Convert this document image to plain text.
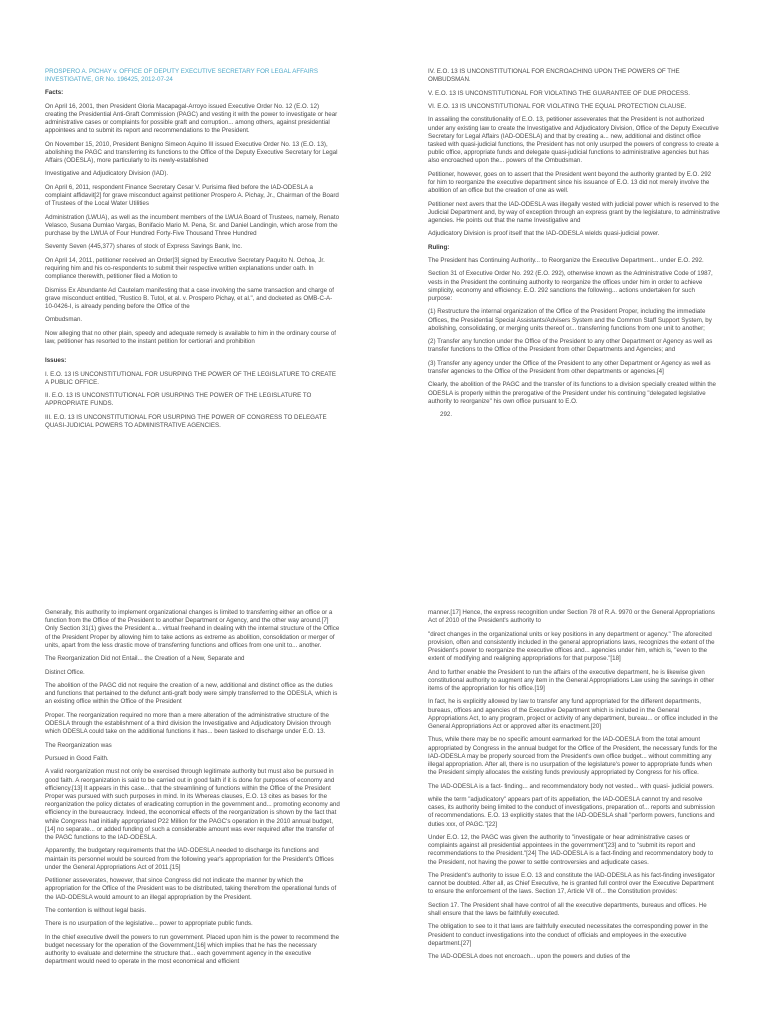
PROSPERO A. PICHAY v. OFFICE OF DEPUTY EXECUTIVE SECRETARY FOR LEGAL AFFAIRS INVESTIGATIVE, GR No. 196425, 2012-07-24

Facts:

On April 16, 2001, then President Gloria Macapagal-Arroyo issued Executive Order No. 12 (E.O. 12) creating the Presidential Anti-Graft Commission (PAGC) and vesting it with the power to investigate or hear administrative cases or complaints for possible graft and corruption... among others, against presidential appointees and to submit its report and recommendations to the President.

On November 15, 2010, President Benigno Simeon Aquino III issued Executive Order No. 13 (E.O. 13), abolishing the PAGC and transferring its functions to the Office of the Deputy Executive Secretary for Legal Affairs (ODESLA), more particularly to its newly-established

Investigative and Adjudicatory Division (IAD).

On April 6, 2011, respondent Finance Secretary Cesar V. Purisima filed before the IAD-ODESLA a complaint affidavit[2] for grave misconduct against petitioner Prospero A. Pichay, Jr., Chairman of the Board of Trustees of the Local Water Utilities

Administration (LWUA), as well as the incumbent members of the LWUA Board of Trustees, namely, Renato Velasco, Susana Dumlao Vargas, Bonifacio Mario M. Pena, Sr. and Daniel Landingin, which arose from the purchase by the LWUA of Four Hundred Forty-Five Thousand Three Hundred

Seventy Seven (445,377) shares of stock of Express Savings Bank, Inc.

On April 14, 2011, petitioner received an Order[3] signed by Executive Secretary Paquito N. Ochoa, Jr. requiring him and his co-respondents to submit their respective written explanations under oath. In compliance therewith, petitioner filed a Motion to

Dismiss Ex Abundante Ad Cautelam manifesting that a case involving the same transaction and charge of grave misconduct entitled, "Rustico B. Tutol, et al. v. Prospero Pichay, et al.", and docketed as OMB-C-A-10-0426-I, is already pending before the Office of the

Ombudsman.

Now alleging that no other plain, speedy and adequate remedy is available to him in the ordinary course of law, petitioner has resorted to the instant petition for certiorari and prohibition

Issues:

I. E.O. 13 IS UNCONSTITUTIONAL FOR USURPING THE POWER OF THE LEGISLATURE TO CREATE A PUBLIC OFFICE.

II. E.O. 13 IS UNCONSTITUTIONAL FOR USURPING THE POWER OF THE LEGISLATURE TO APPROPRIATE FUNDS.

III. E.O. 13 IS UNCONSTITUTIONAL FOR USURPING THE POWER OF CONGRESS TO DELEGATE QUASI-JUDICIAL POWERS TO ADMINISTRATIVE AGENCIES.

IV. E.O. 13 IS UNCONSTITUTIONAL FOR ENCROACHING UPON THE POWERS OF THE OMBUDSMAN.

V. E.O. 13 IS UNCONSTITUTIONAL FOR VIOLATING THE GUARANTEE OF DUE PROCESS.

VI. E.O. 13 IS UNCONSTITUTIONAL FOR VIOLATING THE EQUAL PROTECTION CLAUSE.

In assailing the constitutionality of E.O. 13, petitioner asseverates that the President is not authorized under any existing law to create the Investigative and Adjudicatory Division, Office of the Deputy Executive Secretary for Legal Affairs (IAD-ODESLA) and that by creating a... new, additional and distinct office tasked with quasi-judicial functions, the President has not only usurped the powers of congress to create a public office, appropriate funds and delegate quasi-judicial functions to administrative agencies but has also encroached upon the... powers of the Ombudsman.

Petitioner, however, goes on to assert that the President went beyond the authority granted by E.O. 292 for him to reorganize the executive department since his issuance of E.O. 13 did not merely involve the abolition of an office but the creation of one as well.

Petitioner next avers that the IAD-ODESLA was illegally vested with judicial power which is reserved to the Judicial Department and, by way of exception through an express grant by the legislature, to administrative agencies. He points out that the name Investigative and

Adjudicatory Division is proof itself that the IAD-ODESLA wields quasi-judicial power.

Ruling:

The President has Continuing Authority... to Reorganize the Executive Department... under E.O. 292.

Section 31 of Executive Order No. 292 (E.O. 292), otherwise known as the Administrative Code of 1987, vests in the President the continuing authority to reorganize the offices under him in order to achieve simplicity, economy and efficiency. E.O. 292 sanctions the following... actions undertaken for such purpose:

(1) Restructure the internal organization of the Office of the President Proper, including the immediate Offices, the Presidential Special Assistants/Advisers System and the Common Staff Support System, by abolishing, consolidating, or merging units thereof or... transferring functions from one unit to another;

(2) Transfer any function under the Office of the President to any other Department or Agency as well as transfer functions to the Office of the President from other Departments and Agencies; and

(3) Transfer any agency under the Office of the President to any other Department or Agency as well as transfer agencies to the Office of the President from other departments or agencies.[4]

Clearly, the abolition of the PAGC and the transfer of its functions to a division specially created within the ODESLA is properly within the prerogative of the President under his continuing "delegated legislative authority to reorganize" his own office pursuant to E.O.

292.

Generally, this authority to implement organizational changes is limited to transferring either an office or a function from the Office of the President to another Department or Agency, and the other way around.[7] Only Section 31(1) gives the President a... virtual freehand in dealing with the internal structure of the Office of the President Proper by allowing him to take actions as extreme as abolition, consolidation or merger of units, apart from the less drastic move of transferring functions and offices from one unit to... another.

The Reorganization Did not Entail... the Creation of a New, Separate and

Distinct Office.

The abolition of the PAGC did not require the creation of a new, additional and distinct office as the duties and functions that pertained to the defunct anti-graft body were simply transferred to the ODESLA, which is an existing office within the Office of the President

Proper. The reorganization required no more than a mere alteration of the administrative structure of the ODESLA through the establishment of a third division the Investigative and Adjudicatory Division through which ODESLA could take on the additional functions it has... been tasked to discharge under E.O. 13.

The Reorganization was

Pursued in Good Faith.

A valid reorganization must not only be exercised through legitimate authority but must also be pursued in good faith. A reorganization is said to be carried out in good faith if it is done for purposes of economy and efficiency.[13] It appears in this case... that the streamlining of functions within the Office of the President Proper was pursued with such purposes in mind. In its Whereas clauses, E.O. 13 cites as bases for the reorganization the policy dictates of eradicating corruption in the government and... promoting economy and efficiency in the bureaucracy. Indeed, the economical effects of the reorganization is shown by the fact that while Congress had initially appropriated P22 Million for the PAGC's operation in the 2010 annual budget,[14] no separate... or added funding of such a considerable amount was ever required after the transfer of the PAGC functions to the IAD-ODESLA.

Apparently, the budgetary requirements that the IAD-ODESLA needed to discharge its functions and maintain its personnel would be sourced from the following year's appropriation for the President's Offices under the General Appropriations Act of 2011.[15]

Petitioner asseverates, however, that since Congress did not indicate the manner by which the appropriation for the Office of the President was to be distributed, taking therefrom the operational funds of the IAD-ODESLA would amount to an illegal appropriation by the President.

The contention is without legal basis.

There is no usurpation of the legislative... power to appropriate public funds.

In the chief executive dwell the powers to run government. Placed upon him is the power to recommend the budget necessary for the operation of the Government,[16] which implies that he has the necessary authority to evaluate and determine the structure that... each government agency in the executive department would need to operate in the most economical and efficient

manner.[17] Hence, the express recognition under Section 78 of R.A. 9970 or the General Appropriations Act of 2010 of the President's authority to

"direct changes in the organizational units or key positions in any department or agency." The aforecited provision, often and consistently included in the general appropriations laws, recognizes the extent of the President's power to reorganize the executive offices and... agencies under him, which is, "even to the extent of modifying and realigning appropriations for that purpose."[18]

And to further enable the President to run the affairs of the executive department, he is likewise given constitutional authority to augment any item in the General Appropriations Law using the savings in other items of the appropriation for his office.[19]

In fact, he is explicitly allowed by law to transfer any fund appropriated for the different departments, bureaus, offices and agencies of the Executive Department which is included in the General Appropriations Act, to any program, project or activity of any department, bureau... or office included in the General Appropriations Act or approved after its enactment.[20]

Thus, while there may be no specific amount earmarked for the IAD-ODESLA from the total amount appropriated by Congress in the annual budget for the Office of the President, the necessary funds for the IAD-ODESLA may be properly sourced from the President's own office budget... without committing any illegal appropriation. After all, there is no usurpation of the legislature's power to appropriate funds when the President simply allocates the existing funds previously appropriated by Congress for his office.

The IAD-ODESLA is a fact- finding... and recommendatory body not vested... with quasi- judicial powers.

while the term "adjudicatory" appears part of its appellation, the IAD-ODESLA cannot try and resolve cases, its authority being limited to the conduct of investigations, preparation of... reports and submission of recommendations. E.O. 13 explicitly states that the IAD-ODESLA shall "perform powers, functions and duties xxx, of PAGC."[22]

Under E.O. 12, the PAGC was given the authority to "investigate or hear administrative cases or complaints against all presidential appointees in the government"[23] and to "submit its report and recommendations to the President."[24] The IAD-ODESLA is a fact-finding and recommendatory body to the President, not having the power to settle controversies and adjudicate cases.

The President's authority to issue E.O. 13 and constitute the IAD-ODESLA as his fact-finding investigator cannot be doubted. After all, as Chief Executive, he is granted full control over the Executive Department to ensure the enforcement of the laws. Section 17, Article VII of... the Constitution provides:

Section 17. The President shall have control of all the executive departments, bureaus and offices. He shall ensure that the laws be faithfully executed.

The obligation to see to it that laws are faithfully executed necessitates the corresponding power in the President to conduct investigations into the conduct of officials and employees in the executive department.[27]

The IAD-ODESLA does not encroach... upon the powers and duties of the
